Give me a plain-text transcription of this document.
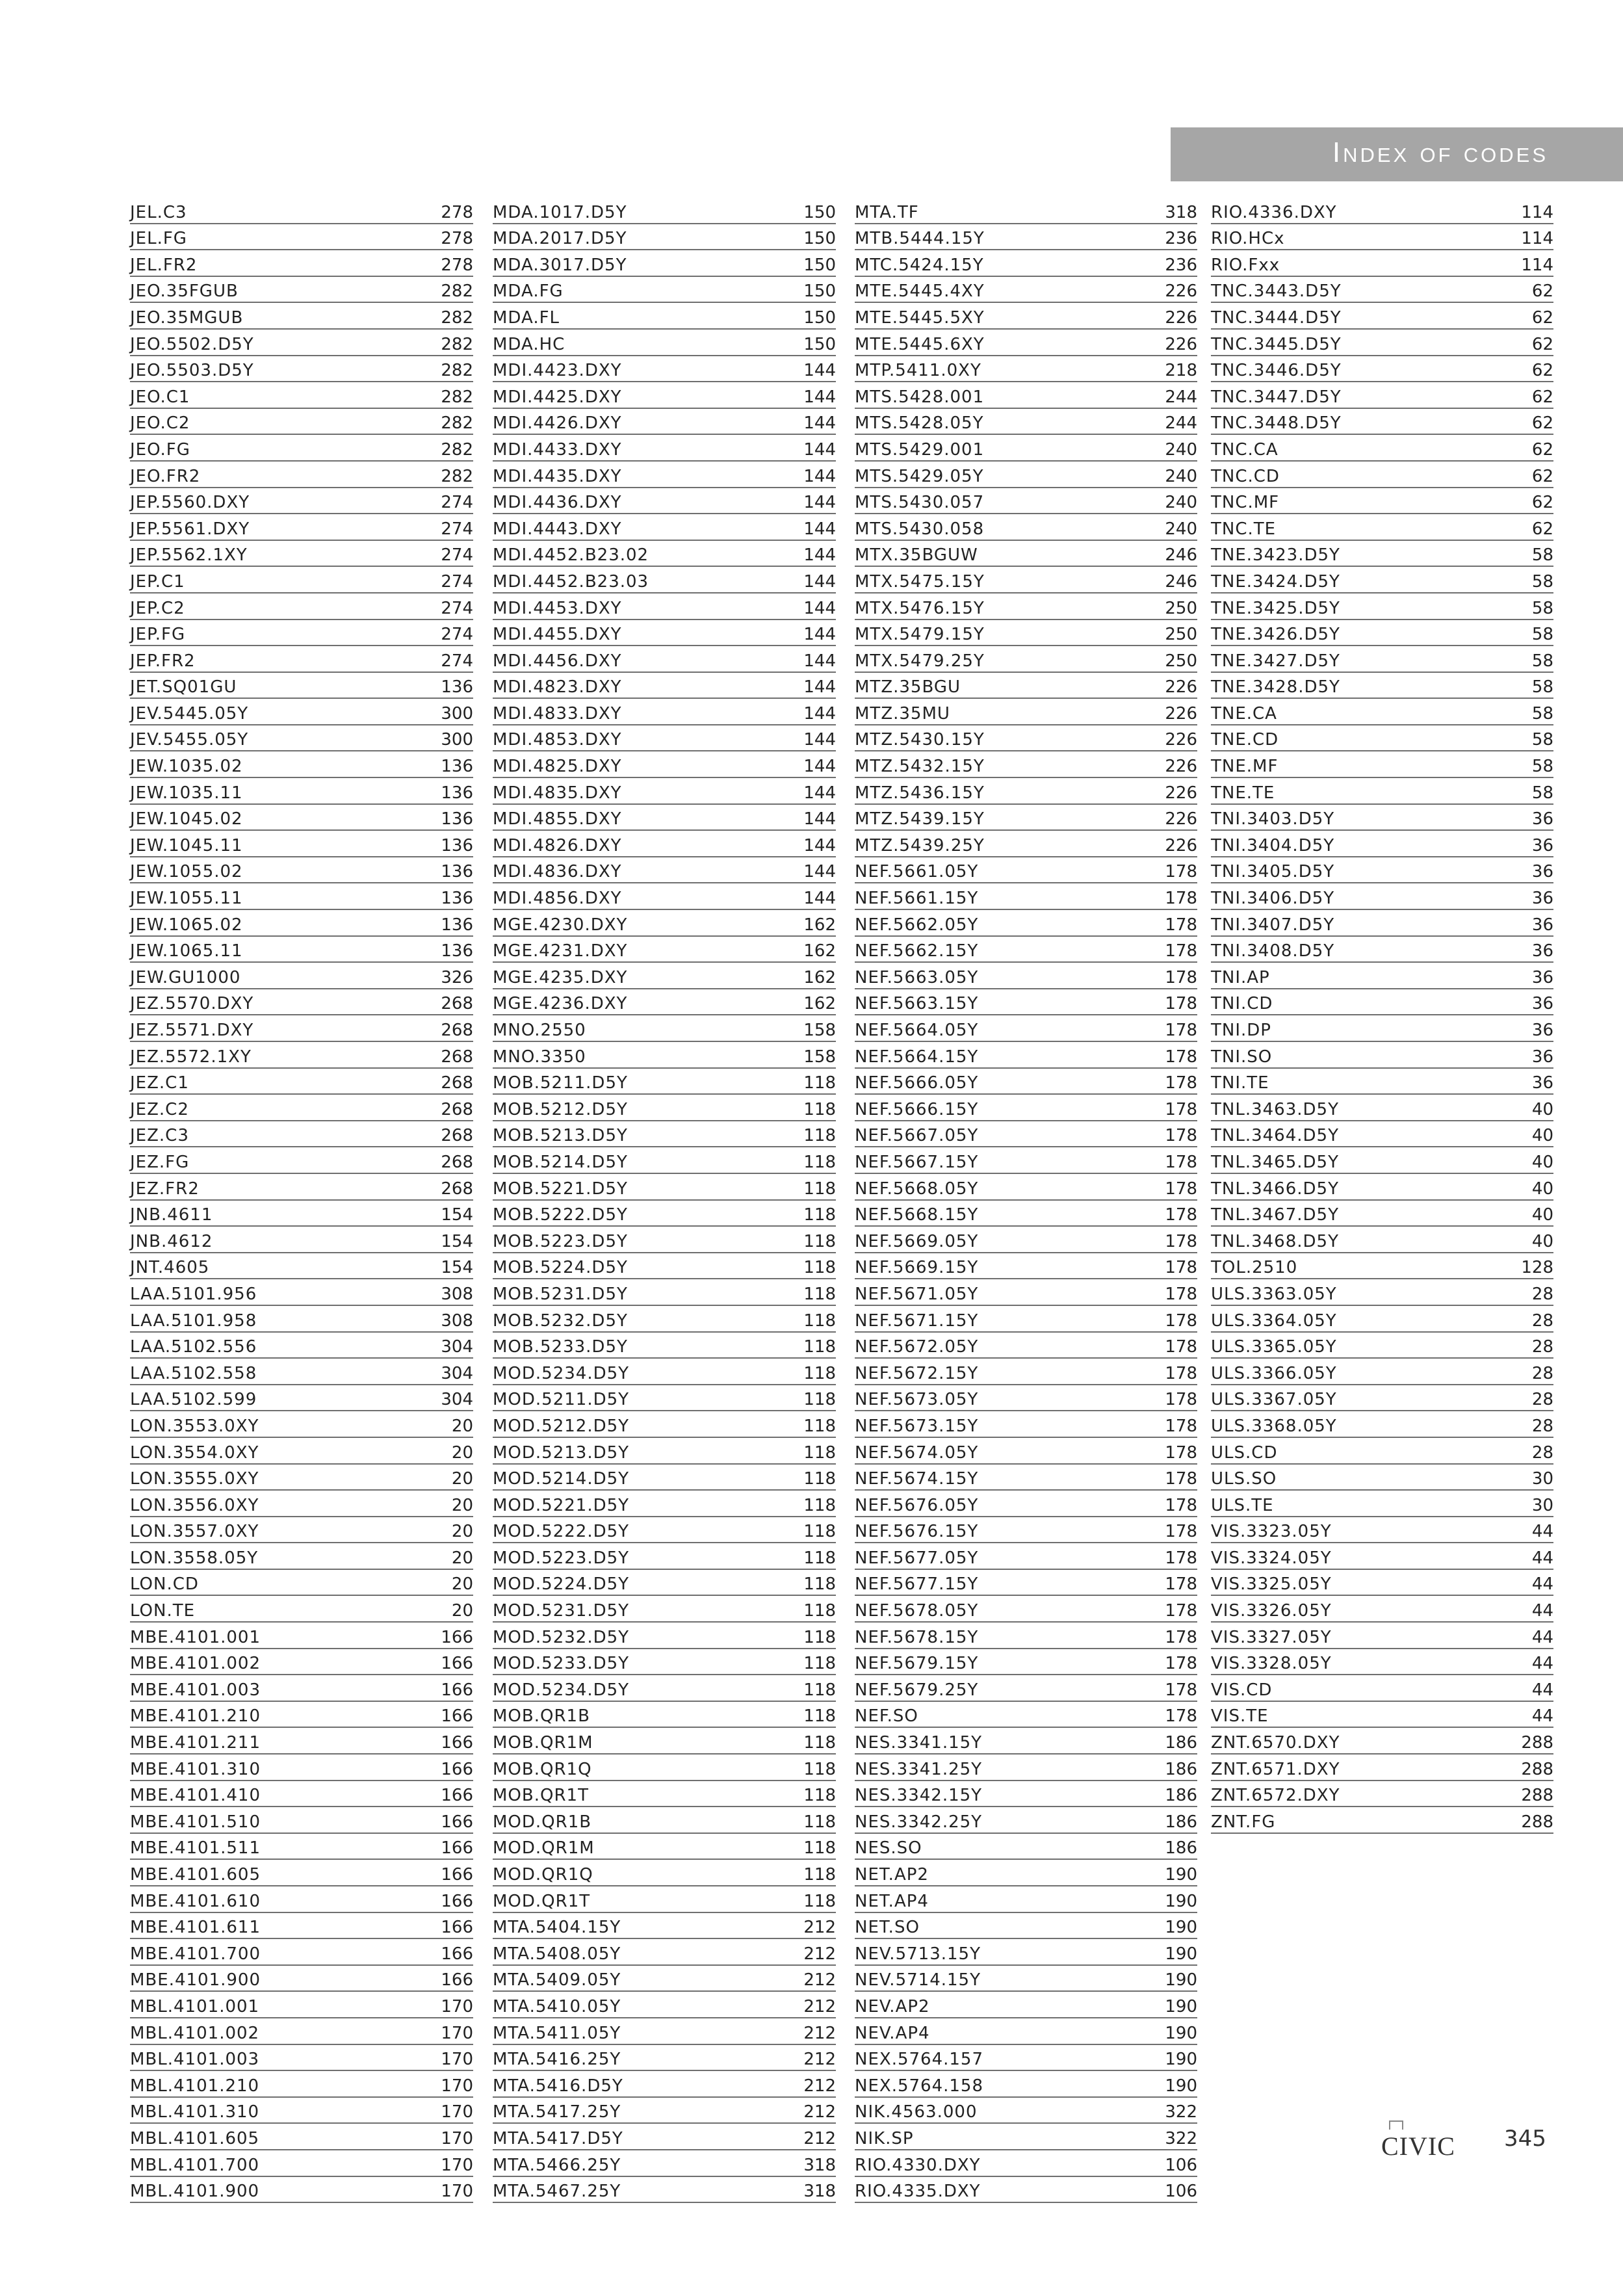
Index of codes
JEL.C3	278
JEL.FG	278
JEL.FR2	278
JEO.35FGUB	282
JEO.35MGUB	282
JEO.5502.D5Y	282
JEO.5503.D5Y	282
JEO.C1	282
JEO.C2	282
JEO.FG	282
JEO.FR2	282
JEP.5560.DXY	274
JEP.5561.DXY	274
JEP.5562.1XY	274
JEP.C1	274
JEP.C2	274
JEP.FG	274
JEP.FR2	274
JET.SQ01GU	136
JEV.5445.05Y	300
JEV.5455.05Y	300
JEW.1035.02	136
JEW.1035.11	136
JEW.1045.02	136
JEW.1045.11	136
JEW.1055.02	136
JEW.1055.11	136
JEW.1065.02	136
JEW.1065.11	136
JEW.GU1000	326
JEZ.5570.DXY	268
JEZ.5571.DXY	268
JEZ.5572.1XY	268
JEZ.C1	268
JEZ.C2	268
JEZ.C3	268
JEZ.FG	268
JEZ.FR2	268
JNB.4611	154
JNB.4612	154
JNT.4605	154
LAA.5101.956	308
LAA.5101.958	308
LAA.5102.556	304
LAA.5102.558	304
LAA.5102.599	304
LON.3553.0XY	20
LON.3554.0XY	20
LON.3555.0XY	20
LON.3556.0XY	20
LON.3557.0XY	20
LON.3558.05Y	20
LON.CD	20
LON.TE	20
MBE.4101.001	166
MBE.4101.002	166
MBE.4101.003	166
MBE.4101.210	166
MBE.4101.211	166
MBE.4101.310	166
MBE.4101.410	166
MBE.4101.510	166
MBE.4101.511	166
MBE.4101.605	166
MBE.4101.610	166
MBE.4101.611	166
MBE.4101.700	166
MBE.4101.900	166
MBL.4101.001	170
MBL.4101.002	170
MBL.4101.003	170
MBL.4101.210	170
MBL.4101.310	170
MBL.4101.605	170
MBL.4101.700	170
MBL.4101.900	170
MDA.1017.D5Y	150
MDA.2017.D5Y	150
MDA.3017.D5Y	150
MDA.FG	150
MDA.FL	150
MDA.HC	150
MDI.4423.DXY	144
MDI.4425.DXY	144
MDI.4426.DXY	144
MDI.4433.DXY	144
MDI.4435.DXY	144
MDI.4436.DXY	144
MDI.4443.DXY	144
MDI.4452.B23.02	144
MDI.4452.B23.03	144
MDI.4453.DXY	144
MDI.4455.DXY	144
MDI.4456.DXY	144
MDI.4823.DXY	144
MDI.4833.DXY	144
MDI.4853.DXY	144
MDI.4825.DXY	144
MDI.4835.DXY	144
MDI.4855.DXY	144
MDI.4826.DXY	144
MDI.4836.DXY	144
MDI.4856.DXY	144
MGE.4230.DXY	162
MGE.4231.DXY	162
MGE.4235.DXY	162
MGE.4236.DXY	162
MNO.2550	158
MNO.3350	158
MOB.5211.D5Y	118
MOB.5212.D5Y	118
MOB.5213.D5Y	118
MOB.5214.D5Y	118
MOB.5221.D5Y	118
MOB.5222.D5Y	118
MOB.5223.D5Y	118
MOB.5224.D5Y	118
MOB.5231.D5Y	118
MOB.5232.D5Y	118
MOB.5233.D5Y	118
MOD.5234.D5Y	118
MOD.5211.D5Y	118
MOD.5212.D5Y	118
MOD.5213.D5Y	118
MOD.5214.D5Y	118
MOD.5221.D5Y	118
MOD.5222.D5Y	118
MOD.5223.D5Y	118
MOD.5224.D5Y	118
MOD.5231.D5Y	118
MOD.5232.D5Y	118
MOD.5233.D5Y	118
MOD.5234.D5Y	118
MOB.QR1B	118
MOB.QR1M	118
MOB.QR1Q	118
MOB.QR1T	118
MOD.QR1B	118
MOD.QR1M	118
MOD.QR1Q	118
MOD.QR1T	118
MTA.5404.15Y	212
MTA.5408.05Y	212
MTA.5409.05Y	212
MTA.5410.05Y	212
MTA.5411.05Y	212
MTA.5416.25Y	212
MTA.5416.D5Y	212
MTA.5417.25Y	212
MTA.5417.D5Y	212
MTA.5466.25Y	318
MTA.5467.25Y	318
MTA.TF	318
MTB.5444.15Y	236
MTC.5424.15Y	236
MTE.5445.4XY	226
MTE.5445.5XY	226
MTE.5445.6XY	226
MTP.5411.0XY	218
MTS.5428.001	244
MTS.5428.05Y	244
MTS.5429.001	240
MTS.5429.05Y	240
MTS.5430.057	240
MTS.5430.058	240
MTX.35BGUW	246
MTX.5475.15Y	246
MTX.5476.15Y	250
MTX.5479.15Y	250
MTX.5479.25Y	250
MTZ.35BGU	226
MTZ.35MU	226
MTZ.5430.15Y	226
MTZ.5432.15Y	226
MTZ.5436.15Y	226
MTZ.5439.15Y	226
MTZ.5439.25Y	226
NEF.5661.05Y	178
NEF.5661.15Y	178
NEF.5662.05Y	178
NEF.5662.15Y	178
NEF.5663.05Y	178
NEF.5663.15Y	178
NEF.5664.05Y	178
NEF.5664.15Y	178
NEF.5666.05Y	178
NEF.5666.15Y	178
NEF.5667.05Y	178
NEF.5667.15Y	178
NEF.5668.05Y	178
NEF.5668.15Y	178
NEF.5669.05Y	178
NEF.5669.15Y	178
NEF.5671.05Y	178
NEF.5671.15Y	178
NEF.5672.05Y	178
NEF.5672.15Y	178
NEF.5673.05Y	178
NEF.5673.15Y	178
NEF.5674.05Y	178
NEF.5674.15Y	178
NEF.5676.05Y	178
NEF.5676.15Y	178
NEF.5677.05Y	178
NEF.5677.15Y	178
NEF.5678.05Y	178
NEF.5678.15Y	178
NEF.5679.15Y	178
NEF.5679.25Y	178
NEF.SO	178
NES.3341.15Y	186
NES.3341.25Y	186
NES.3342.15Y	186
NES.3342.25Y	186
NES.SO	186
NET.AP2	190
NET.AP4	190
NET.SO	190
NEV.5713.15Y	190
NEV.5714.15Y	190
NEV.AP2	190
NEV.AP4	190
NEX.5764.157	190
NEX.5764.158	190
NIK.4563.000	322
NIK.SP	322
RIO.4330.DXY	106
RIO.4335.DXY	106
RIO.4336.DXY	114
RIO.HCx	114
RIO.Fxx	114
TNC.3443.D5Y	62
TNC.3444.D5Y	62
TNC.3445.D5Y	62
TNC.3446.D5Y	62
TNC.3447.D5Y	62
TNC.3448.D5Y	62
TNC.CA	62
TNC.CD	62
TNC.MF	62
TNC.TE	62
TNE.3423.D5Y	58
TNE.3424.D5Y	58
TNE.3425.D5Y	58
TNE.3426.D5Y	58
TNE.3427.D5Y	58
TNE.3428.D5Y	58
TNE.CA	58
TNE.CD	58
TNE.MF	58
TNE.TE	58
TNI.3403.D5Y	36
TNI.3404.D5Y	36
TNI.3405.D5Y	36
TNI.3406.D5Y	36
TNI.3407.D5Y	36
TNI.3408.D5Y	36
TNI.AP	36
TNI.CD	36
TNI.DP	36
TNI.SO	36
TNI.TE	36
TNL.3463.D5Y	40
TNL.3464.D5Y	40
TNL.3465.D5Y	40
TNL.3466.D5Y	40
TNL.3467.D5Y	40
TNL.3468.D5Y	40
TOL.2510	128
ULS.3363.05Y	28
ULS.3364.05Y	28
ULS.3365.05Y	28
ULS.3366.05Y	28
ULS.3367.05Y	28
ULS.3368.05Y	28
ULS.CD	28
ULS.SO	30
ULS.TE	30
VIS.3323.05Y	44
VIS.3324.05Y	44
VIS.3325.05Y	44
VIS.3326.05Y	44
VIS.3327.05Y	44
VIS.3328.05Y	44
VIS.CD	44
VIS.TE	44
ZNT.6570.DXY	288
ZNT.6571.DXY	288
ZNT.6572.DXY	288
ZNT.FG	288
CIVIC 345
